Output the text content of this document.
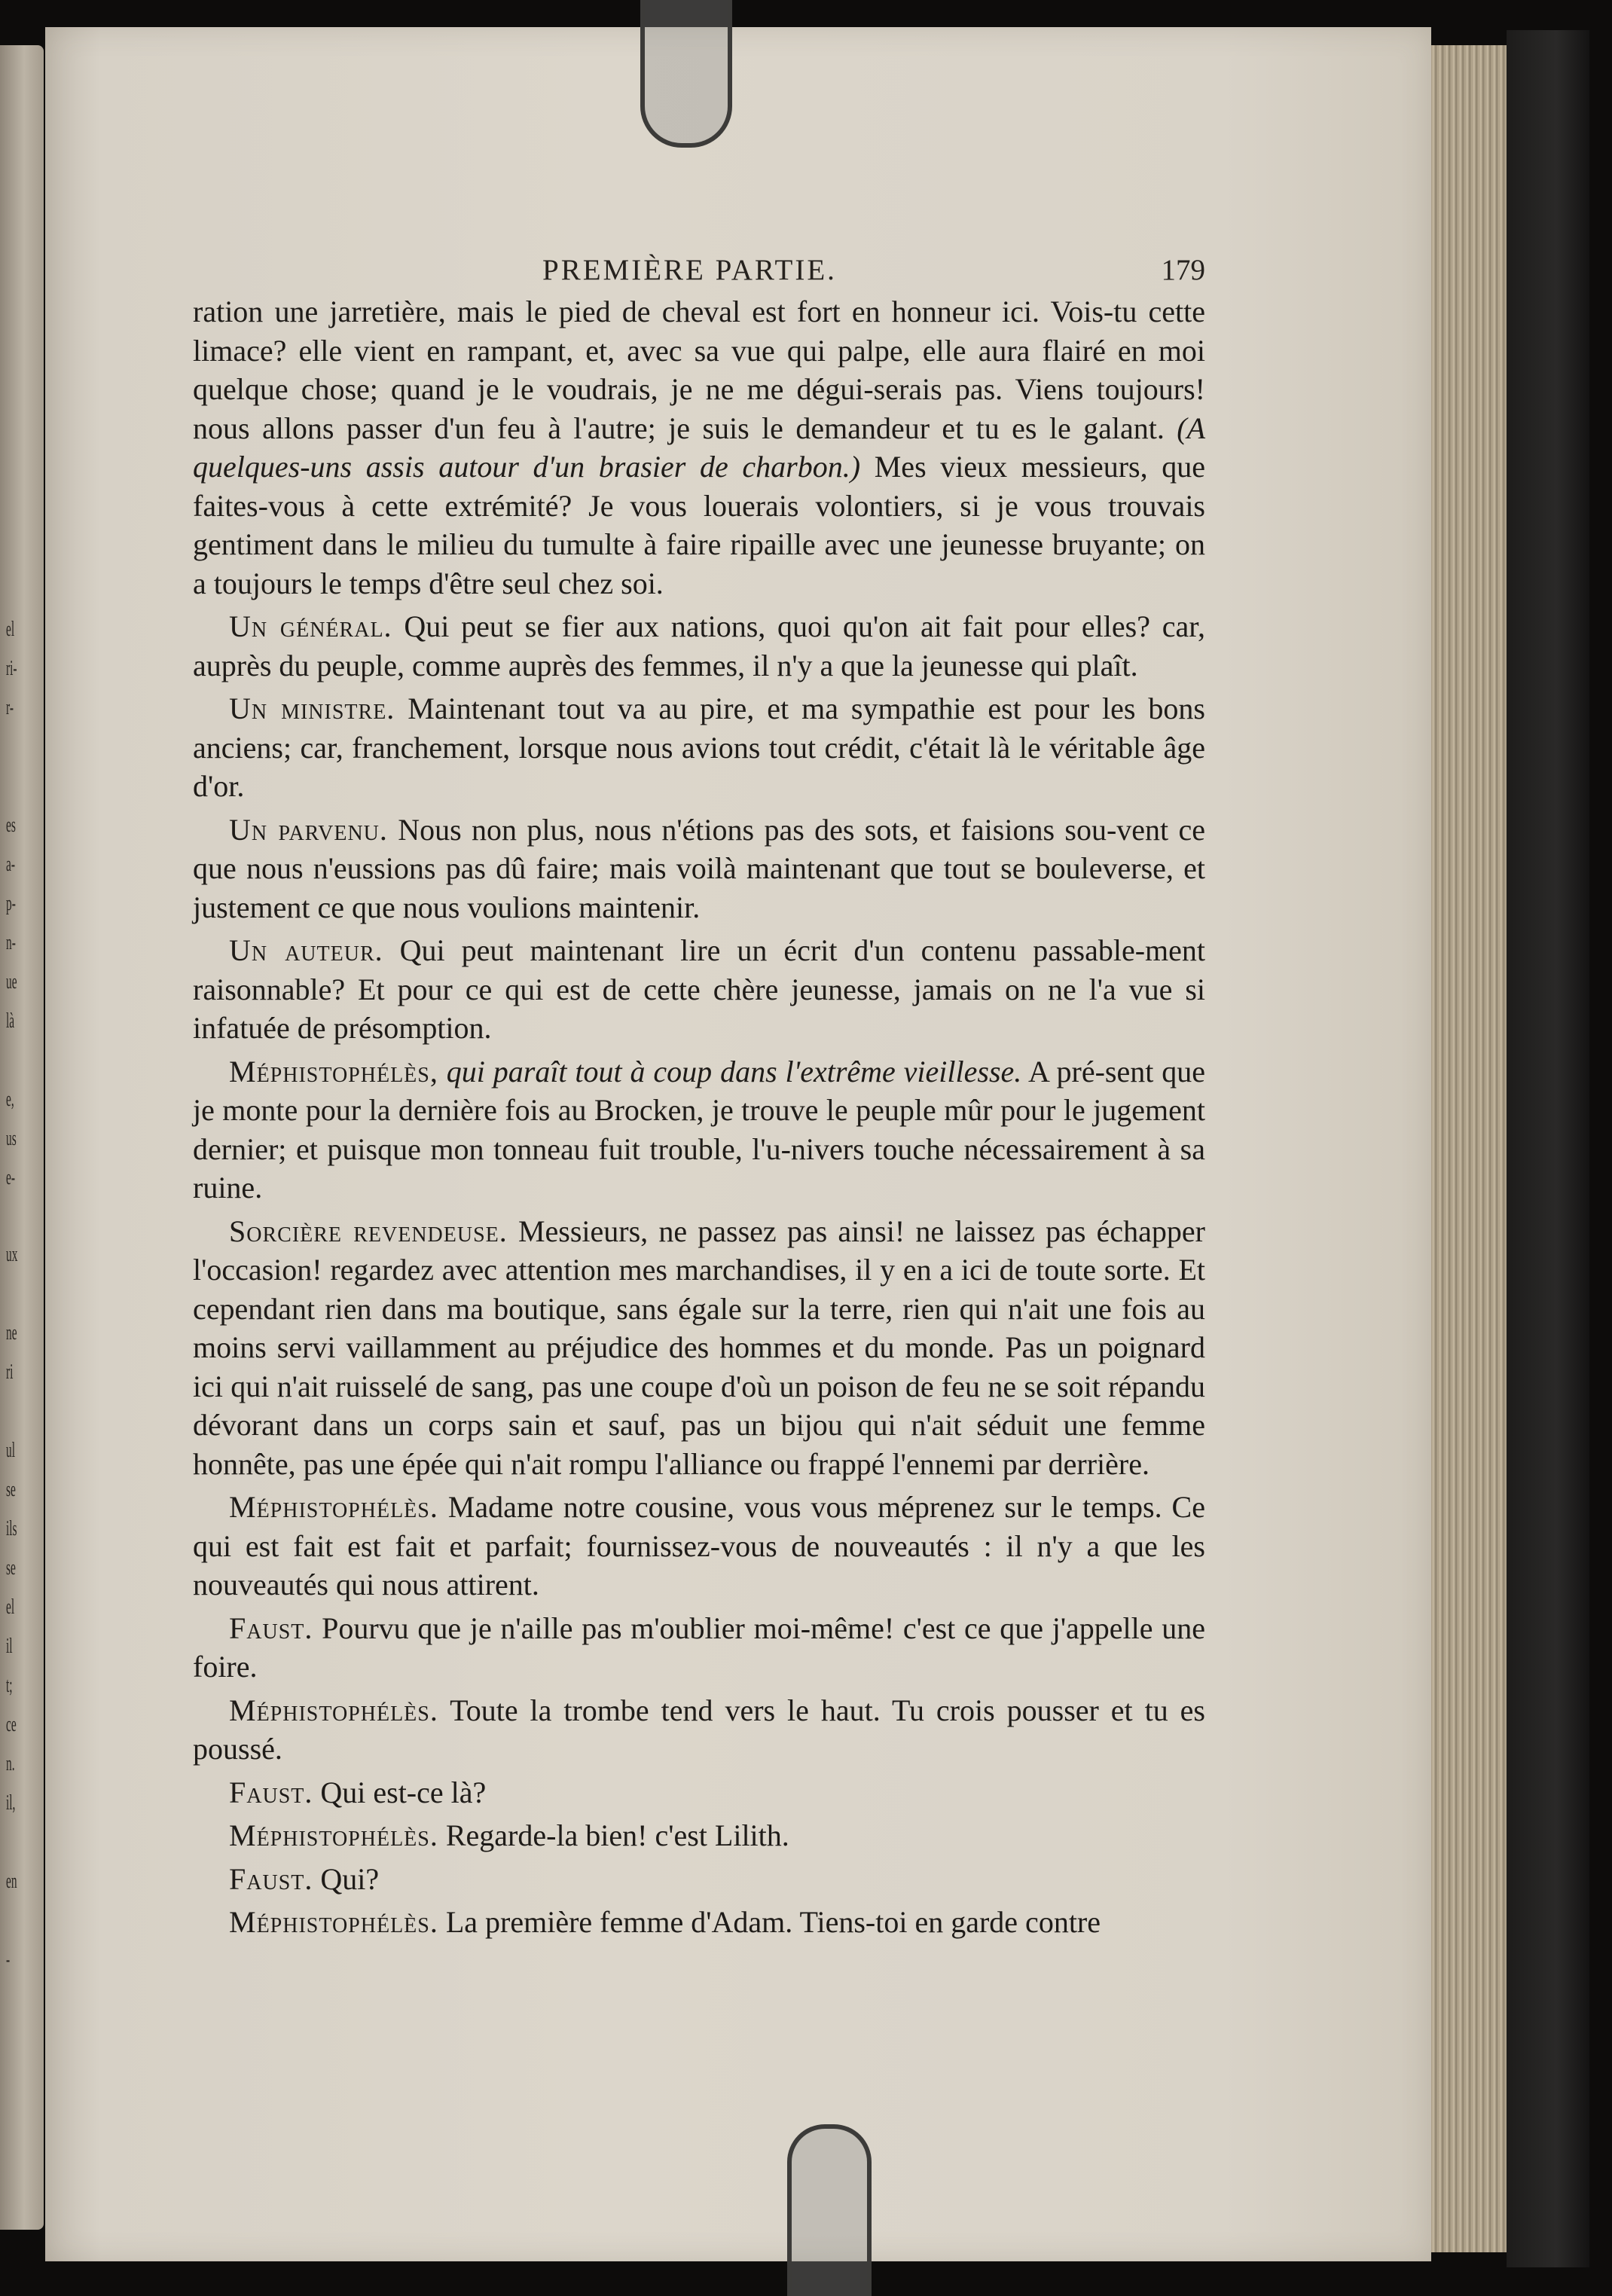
el
ri-
r-
es
a-
p-
n-
ue
là
e,
us
e-
ux
ne
ri
ul
se
ils
se
el
il
t;
ce
n.
il,
en
-
PREMIÈRE PARTIE.	179

ration une jarretière, mais le pied de cheval est fort en honneur ici. Vois-tu cette limace? elle vient en rampant, et, avec sa vue qui palpe, elle aura flairé en moi quelque chose; quand je le voudrais, je ne me dégui-serais pas. Viens toujours! nous allons passer d'un feu à l'autre; je suis le demandeur et tu es le galant. (A quelques-uns assis autour d'un brasier de charbon.) Mes vieux messieurs, que faites-vous à cette extrémité? Je vous louerais volontiers, si je vous trouvais gentiment dans le milieu du tumulte à faire ripaille avec une jeunesse bruyante; on a toujours le temps d'être seul chez soi.

Un général. Qui peut se fier aux nations, quoi qu'on ait fait pour elles? car, auprès du peuple, comme auprès des femmes, il n'y a que la jeunesse qui plaît.

Un ministre. Maintenant tout va au pire, et ma sympathie est pour les bons anciens; car, franchement, lorsque nous avions tout crédit, c'était là le véritable âge d'or.

Un parvenu. Nous non plus, nous n'étions pas des sots, et faisions sou-vent ce que nous n'eussions pas dû faire; mais voilà maintenant que tout se bouleverse, et justement ce que nous voulions maintenir.

Un auteur. Qui peut maintenant lire un écrit d'un contenu passable-ment raisonnable? Et pour ce qui est de cette chère jeunesse, jamais on ne l'a vue si infatuée de présomption.

Méphistophélès, qui paraît tout à coup dans l'extrême vieillesse. A pré-sent que je monte pour la dernière fois au Brocken, je trouve le peuple mûr pour le jugement dernier; et puisque mon tonneau fuit trouble, l'u-nivers touche nécessairement à sa ruine.

Sorcière revendeuse. Messieurs, ne passez pas ainsi! ne laissez pas échapper l'occasion! regardez avec attention mes marchandises, il y en a ici de toute sorte. Et cependant rien dans ma boutique, sans égale sur la terre, rien qui n'ait une fois au moins servi vaillamment au préjudice des hommes et du monde. Pas un poignard ici qui n'ait ruisselé de sang, pas une coupe d'où un poison de feu ne se soit répandu dévorant dans un corps sain et sauf, pas un bijou qui n'ait séduit une femme honnête, pas une épée qui n'ait rompu l'alliance ou frappé l'ennemi par derrière.

Méphistophélès. Madame notre cousine, vous vous méprenez sur le temps. Ce qui est fait est fait et parfait; fournissez-vous de nouveautés : il n'y a que les nouveautés qui nous attirent.

Faust. Pourvu que je n'aille pas m'oublier moi-même! c'est ce que j'appelle une foire.

Méphistophélès. Toute la trombe tend vers le haut. Tu crois pousser et tu es poussé.

Faust. Qui est-ce là?

Méphistophélès. Regarde-la bien! c'est Lilith.

Faust. Qui?

Méphistophélès. La première femme d'Adam. Tiens-toi en garde contre
